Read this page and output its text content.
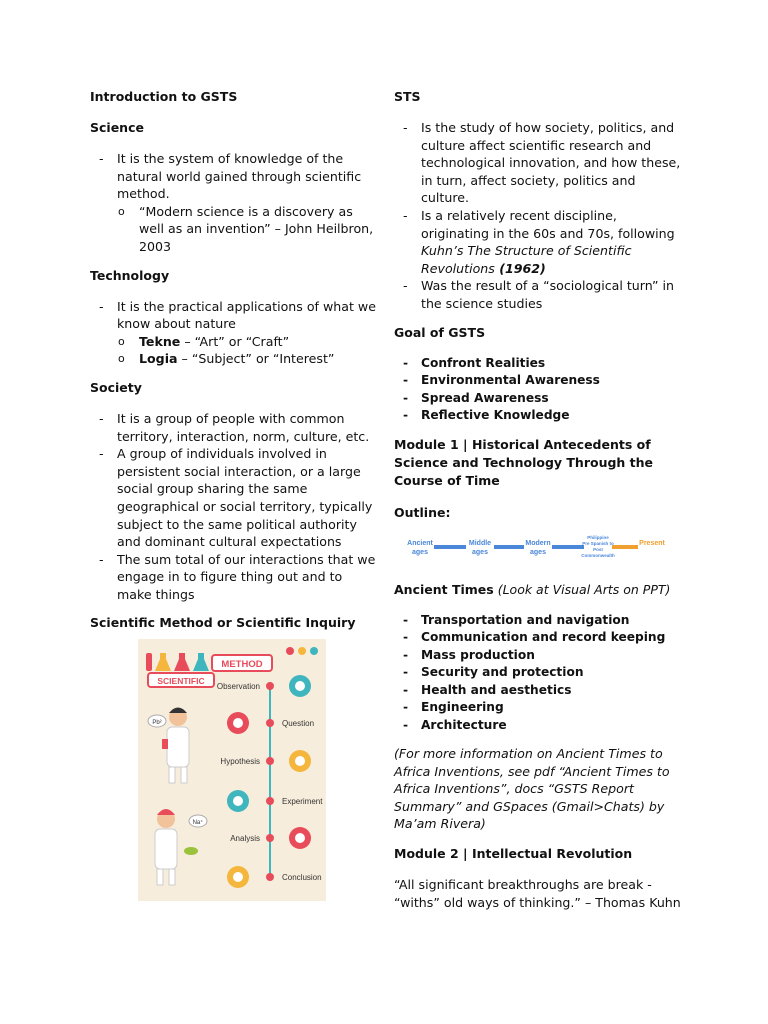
Introduction to GSTS
Science
- It is the system of knowledge of the natural world gained through scientific method.
o “Modern science is a discovery as well as an invention” – John Heilbron, 2003
Technology
- It is the practical applications of what we know about nature
o Tekne – “Art” or “Craft”
o Logia – “Subject” or “Interest”
Society
- It is a group of people with common territory, interaction, norm, culture, etc.
- A group of individuals involved in persistent social interaction, or a large social group sharing the same geographical or social territory, typically subject to the same political authority and dominant cultural expectations
- The sum total of our interactions that we engage in to figure thing out and to make things
Scientific Method or Scientific Inquiry
METHOD
SCIENTIFIC
Observation
Question
Hypothesis
Experiment
Analysis
Conclusion
Pb²
Na⁺
STS
- Is the study of how society, politics, and culture affect scientific research and technological innovation, and how these, in turn, affect society, politics and culture.
- Is a relatively recent discipline, originating in the 60s and 70s, following Kuhn’s The Structure of Scientific Revolutions (1962)
- Was the result of a “sociological turn” in the science studies
Goal of GSTS
- Confront Realities
- Environmental Awareness
- Spread Awareness
- Reflective Knowledge
Module 1 | Historical Antecedents of Science and Technology Through the Course of Time
Outline:
Ancient
ages
Middle
ages
Modern
ages
Philippine
Pre Spanish to
Post
Commonwealth
Present
Ancient Times (Look at Visual Arts on PPT)
- Transportation and navigation
- Communication and record keeping
- Mass production
- Security and protection
- Health and aesthetics
- Engineering
- Architecture
(For more information on Ancient Times to Africa Inventions, see pdf “Ancient Times to Africa Inventions”, docs “GSTS Report Summary” and GSpaces (Gmail>Chats) by Ma’am Rivera)
Module 2 | Intellectual Revolution
“All significant breakthroughs are break - “withs” old ways of thinking.” – Thomas Kuhn
